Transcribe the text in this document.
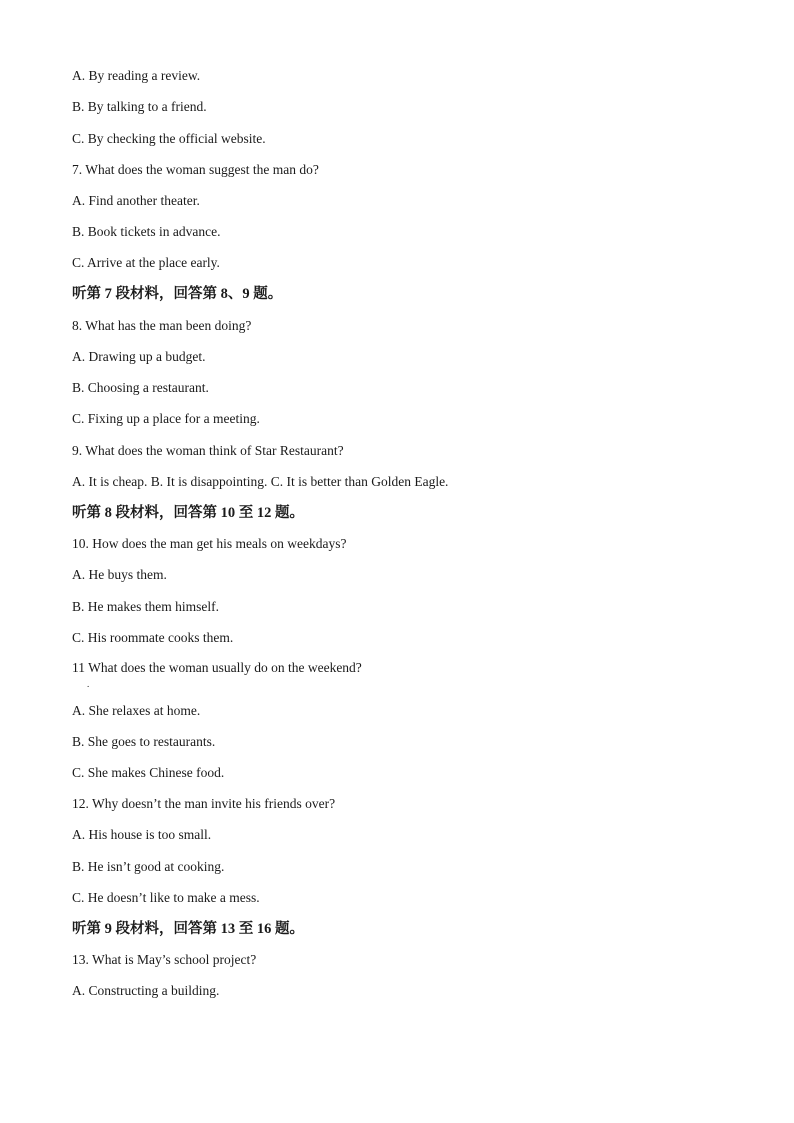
A. By reading a review.
B. By talking to a friend.
C. By checking the official website.
7. What does the woman suggest the man do?
A. Find another theater.
B. Book tickets in advance.
C. Arrive at the place early.
听第 7 段材料，回答第 8、9 题。
8. What has the man been doing?
A. Drawing up a budget.
B. Choosing a restaurant.
C. Fixing up a place for a meeting.
9. What does the woman think of Star Restaurant?
A. It is cheap. B. It is disappointing. C. It is better than Golden Eagle.
听第 8 段材料，回答第 10 至 12 题。
10. How does the man get his meals on weekdays?
A. He buys them.
B. He makes them himself.
C. His roommate cooks them.
11 What does the woman usually do on the weekend?
.
A. She relaxes at home.
B. She goes to restaurants.
C. She makes Chinese food.
12. Why doesn’t the man invite his friends over?
A. His house is too small.
B. He isn’t good at cooking.
C. He doesn’t like to make a mess.
听第 9 段材料，回答第 13 至 16 题。
13. What is May’s school project?
A. Constructing a building.
